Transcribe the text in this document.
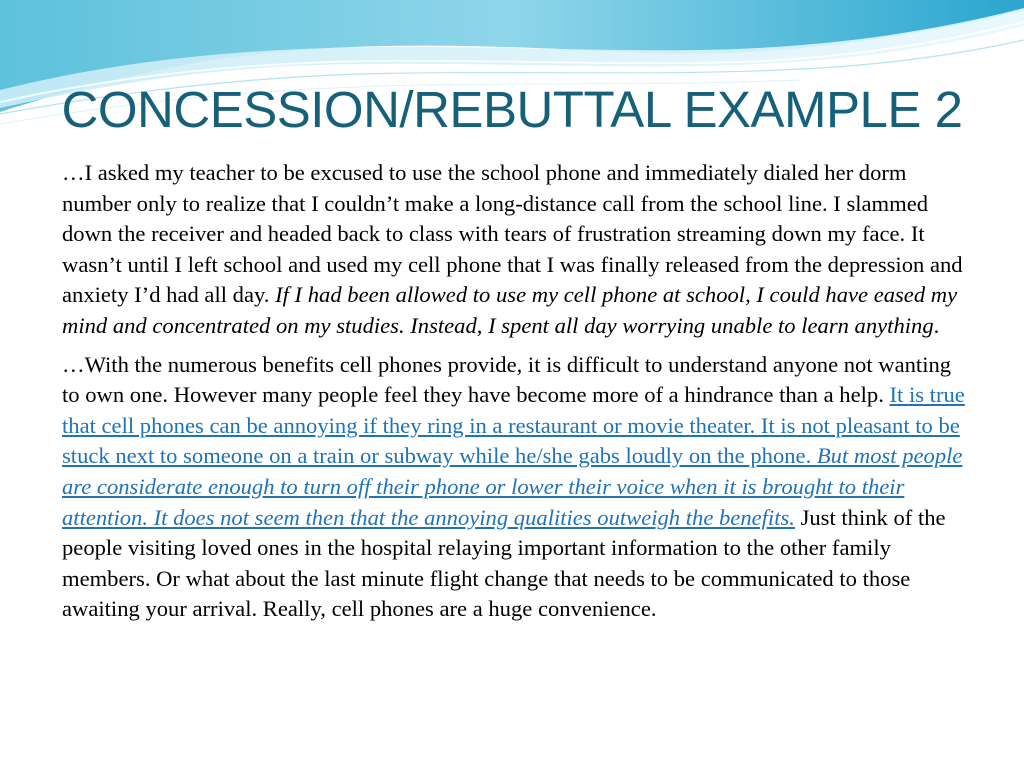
CONCESSION/REBUTTAL EXAMPLE 2

…I asked my teacher to be excused to use the school phone and immediately dialed her dorm number only to realize that I couldn’t make a long-distance call from the school line. I slammed down the receiver and headed back to class with tears of frustration streaming down my face. It wasn’t until I left school and used my cell phone that I was finally released from the depression and anxiety I’d had all day. If I had been allowed to use my cell phone at school, I could have eased my mind and concentrated on my studies. Instead, I spent all day worrying unable to learn anything.

…With the numerous benefits cell phones provide, it is difficult to understand anyone not wanting to own one. However many people feel they have become more of a hindrance than a help. It is true that cell phones can be annoying if they ring in a restaurant or movie theater. It is not pleasant to be stuck next to someone on a train or subway while he/she gabs loudly on the phone. But most people are considerate enough to turn off their phone or lower their voice when it is brought to their attention. It does not seem then that the annoying qualities outweigh the benefits. Just think of the people visiting loved ones in the hospital relaying important information to the other family members. Or what about the last minute flight change that needs to be communicated to those awaiting your arrival. Really, cell phones are a huge convenience.
